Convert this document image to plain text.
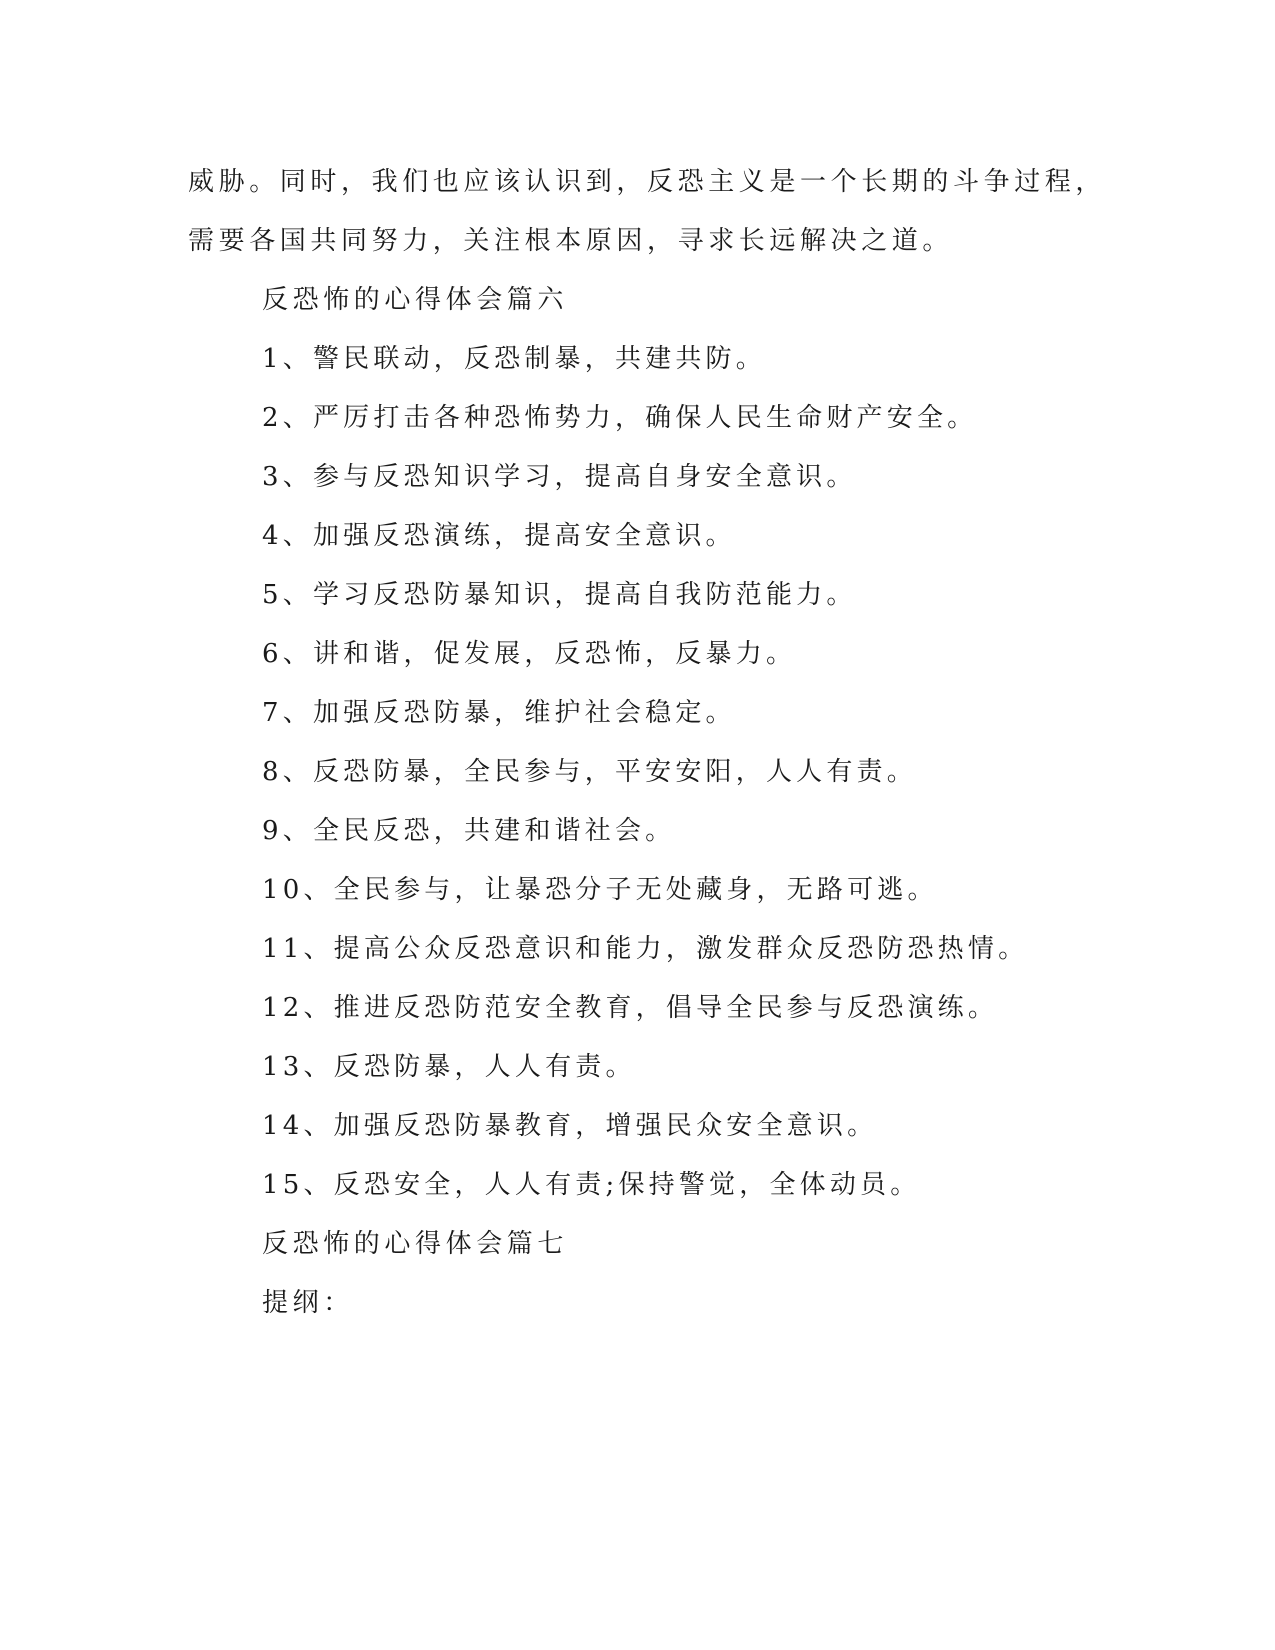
威胁。同时，我们也应该认识到，反恐主义是一个长期的斗争过程，
需要各国共同努力，关注根本原因，寻求长远解决之道。
反恐怖的心得体会篇六
1、警民联动，反恐制暴，共建共防。
2、严厉打击各种恐怖势力，确保人民生命财产安全。
3、参与反恐知识学习，提高自身安全意识。
4、加强反恐演练，提高安全意识。
5、学习反恐防暴知识，提高自我防范能力。
6、讲和谐，促发展，反恐怖，反暴力。
7、加强反恐防暴，维护社会稳定。
8、反恐防暴，全民参与，平安安阳，人人有责。
9、全民反恐，共建和谐社会。
10、全民参与，让暴恐分子无处藏身，无路可逃。
11、提高公众反恐意识和能力，激发群众反恐防恐热情。
12、推进反恐防范安全教育，倡导全民参与反恐演练。
13、反恐防暴，人人有责。
14、加强反恐防暴教育，增强民众安全意识。
15、反恐安全，人人有责;保持警觉，全体动员。
反恐怖的心得体会篇七
提纲：
